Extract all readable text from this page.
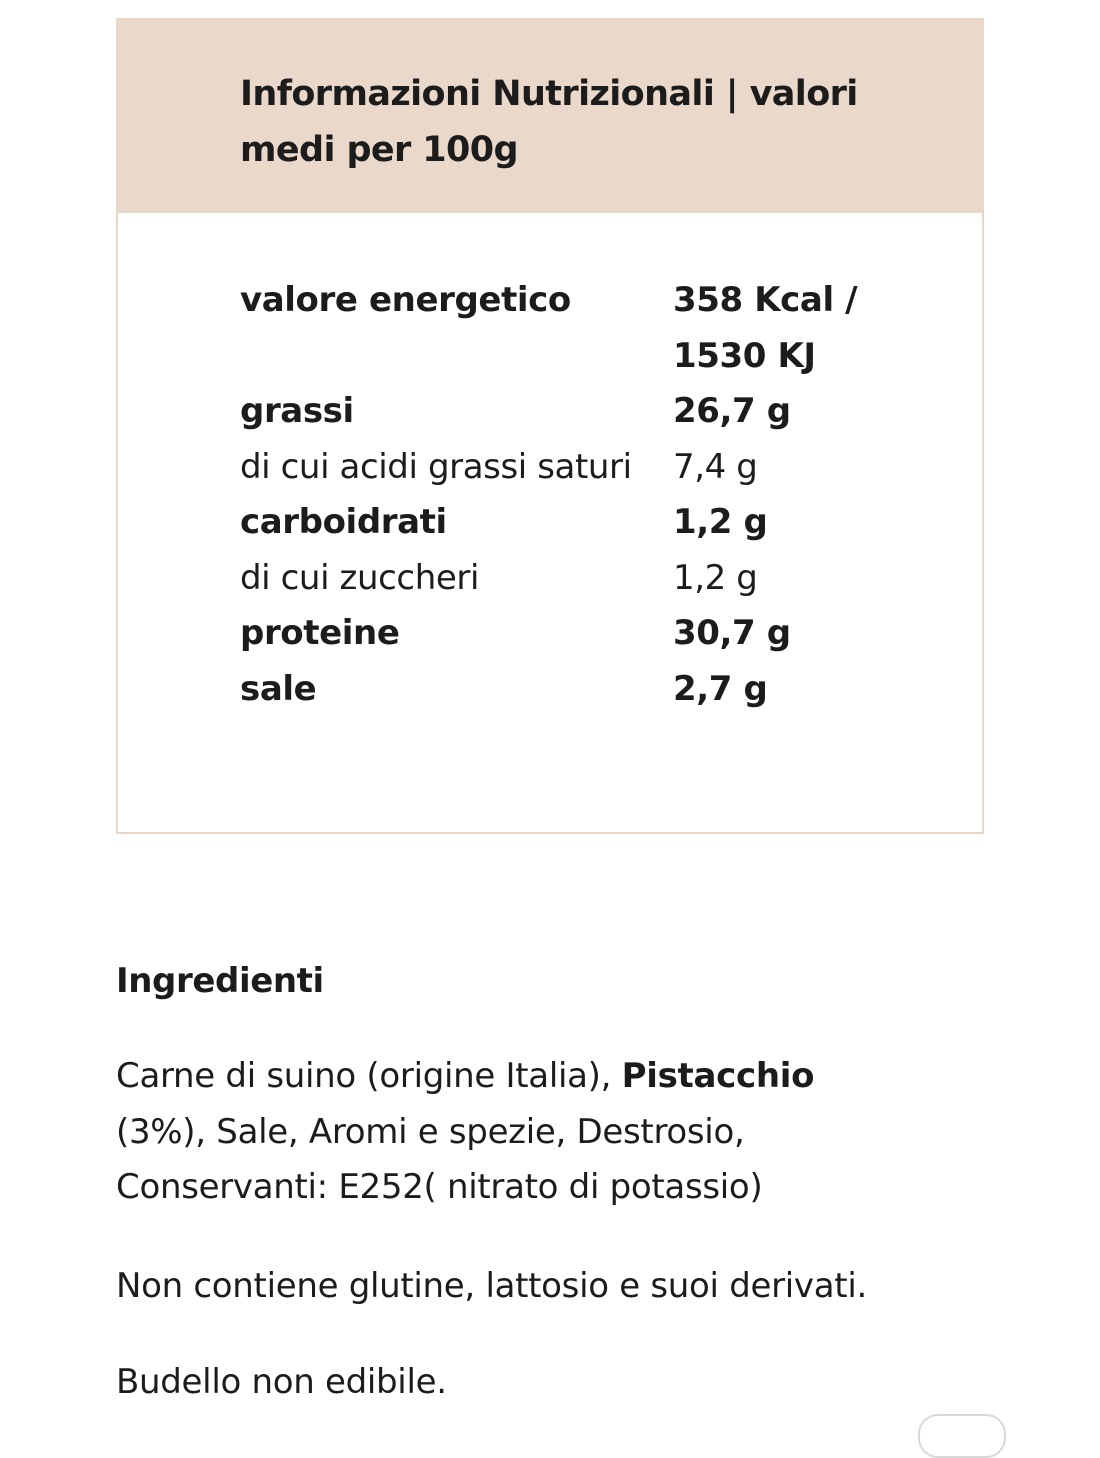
Informazioni Nutrizionali | valori medi per 100g
valore energetico	358 Kcal / 1530 KJ
grassi	26,7 g
di cui acidi grassi saturi	7,4 g
carboidrati	1,2 g
di cui zuccheri	1,2 g
proteine	30,7 g
sale	2,7 g
Ingredienti

Carne di suino (origine Italia), Pistacchio (3%), Sale, Aromi e spezie, Destrosio, Conservanti: E252( nitrato di potassio)

Non contiene glutine, lattosio e suoi derivati.

Budello non edibile.
